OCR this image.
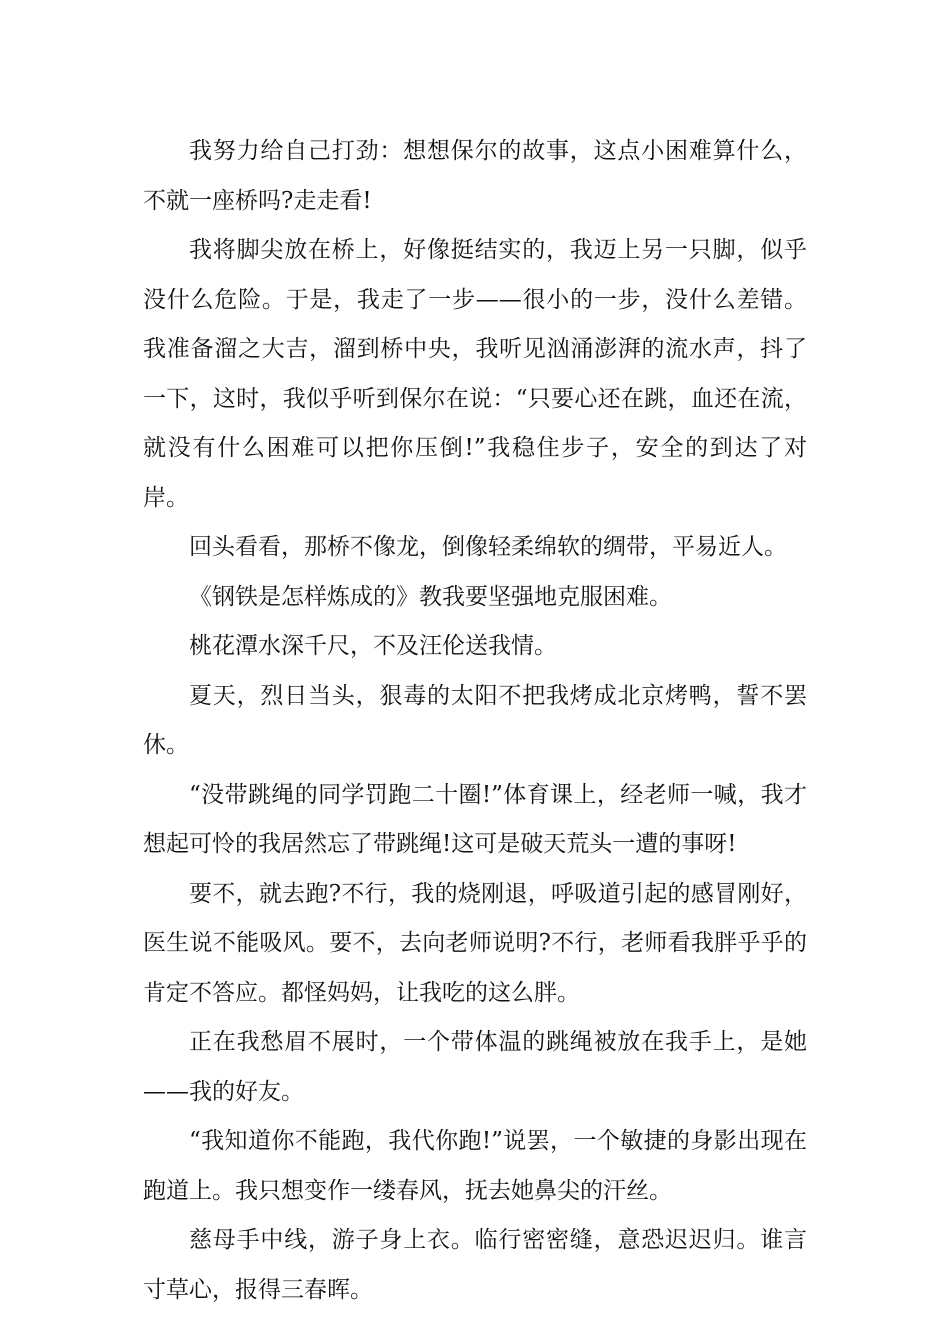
我努力给自己打劲：想想保尔的故事，这点小困难算什么，不就一座桥吗?走走看!

我将脚尖放在桥上，好像挺结实的，我迈上另一只脚，似乎没什么危险。于是，我走了一步——很小的一步，没什么差错。我准备溜之大吉，溜到桥中央，我听见汹涌澎湃的流水声，抖了一下，这时，我似乎听到保尔在说：“只要心还在跳，血还在流，就没有什么困难可以把你压倒!”我稳住步子，安全的到达了对岸。

回头看看，那桥不像龙，倒像轻柔绵软的绸带，平易近人。

《钢铁是怎样炼成的》教我要坚强地克服困难。

桃花潭水深千尺，不及汪伦送我情。

夏天，烈日当头，狠毒的太阳不把我烤成北京烤鸭，誓不罢休。

“没带跳绳的同学罚跑二十圈!”体育课上，经老师一喊，我才想起可怜的我居然忘了带跳绳!这可是破天荒头一遭的事呀!

要不，就去跑?不行，我的烧刚退，呼吸道引起的感冒刚好，医生说不能吸风。要不，去向老师说明?不行，老师看我胖乎乎的肯定不答应。都怪妈妈，让我吃的这么胖。

正在我愁眉不展时，一个带体温的跳绳被放在我手上，是她——我的好友。

“我知道你不能跑，我代你跑!”说罢，一个敏捷的身影出现在跑道上。我只想变作一缕春风，抚去她鼻尖的汗丝。

慈母手中线，游子身上衣。临行密密缝，意恐迟迟归。谁言寸草心，报得三春晖。
